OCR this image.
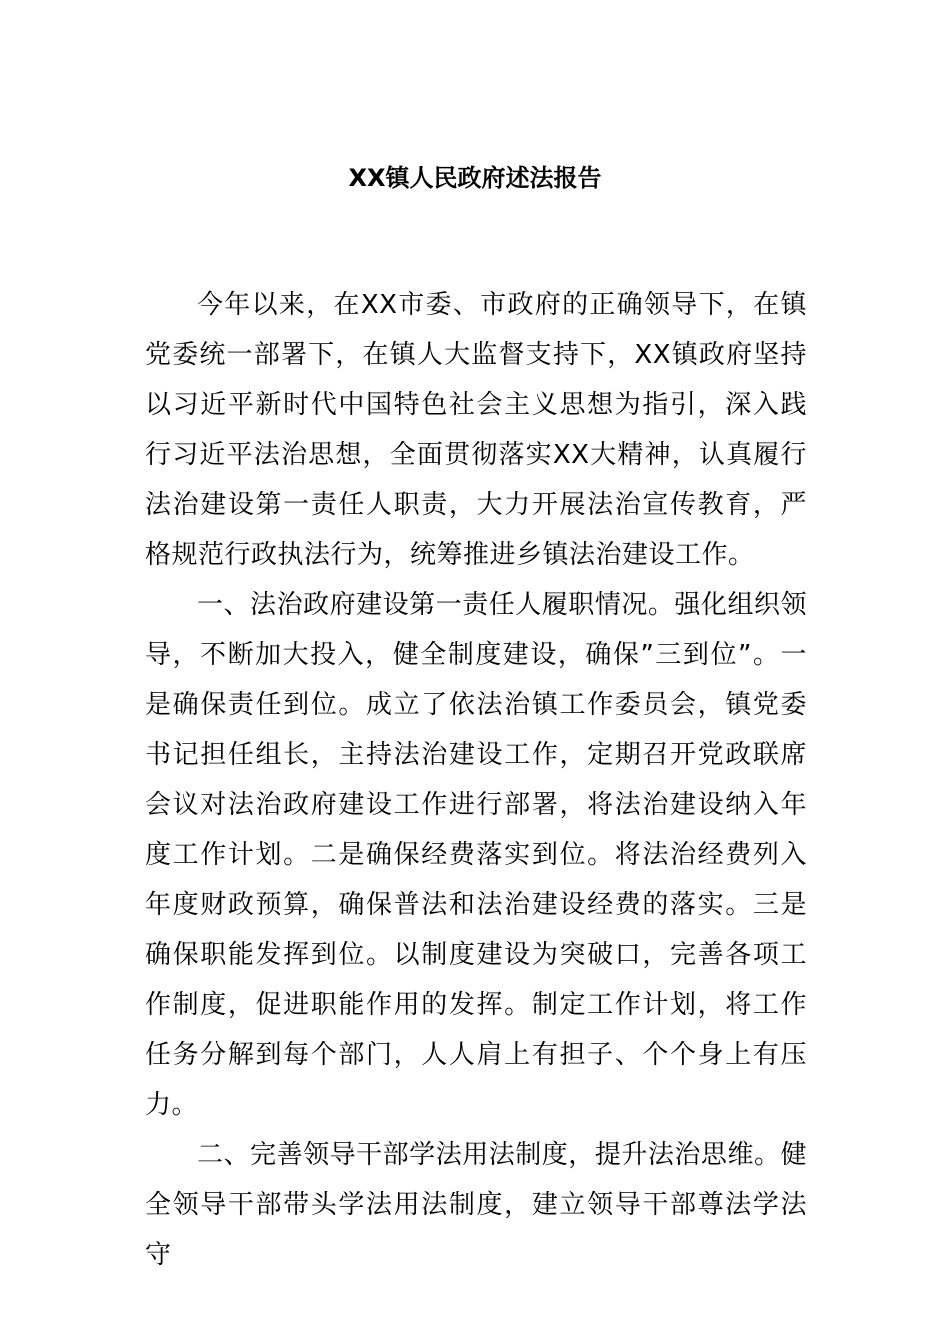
XX镇人民政府述法报告

今年以来，在XX市委、市政府的正确领导下，在镇党委统一部署下，在镇人大监督支持下，XX镇政府坚持以习近平新时代中国特色社会主义思想为指引，深入践行习近平法治思想，全面贯彻落实XX大精神，认真履行法治建设第一责任人职责，大力开展法治宣传教育，严格规范行政执法行为，统筹推进乡镇法治建设工作。

一、法治政府建设第一责任人履职情况。强化组织领导，不断加大投入，健全制度建设，确保”三到位”。一是确保责任到位。成立了依法治镇工作委员会，镇党委书记担任组长，主持法治建设工作，定期召开党政联席会议对法治政府建设工作进行部署，将法治建设纳入年度工作计划。二是确保经费落实到位。将法治经费列入年度财政预算，确保普法和法治建设经费的落实。三是确保职能发挥到位。以制度建设为突破口，完善各项工作制度，促进职能作用的发挥。制定工作计划，将工作任务分解到每个部门，人人肩上有担子、个个身上有压力。

二、完善领导干部学法用法制度，提升法治思维。健全领导干部带头学法用法制度，建立领导干部尊法学法守
